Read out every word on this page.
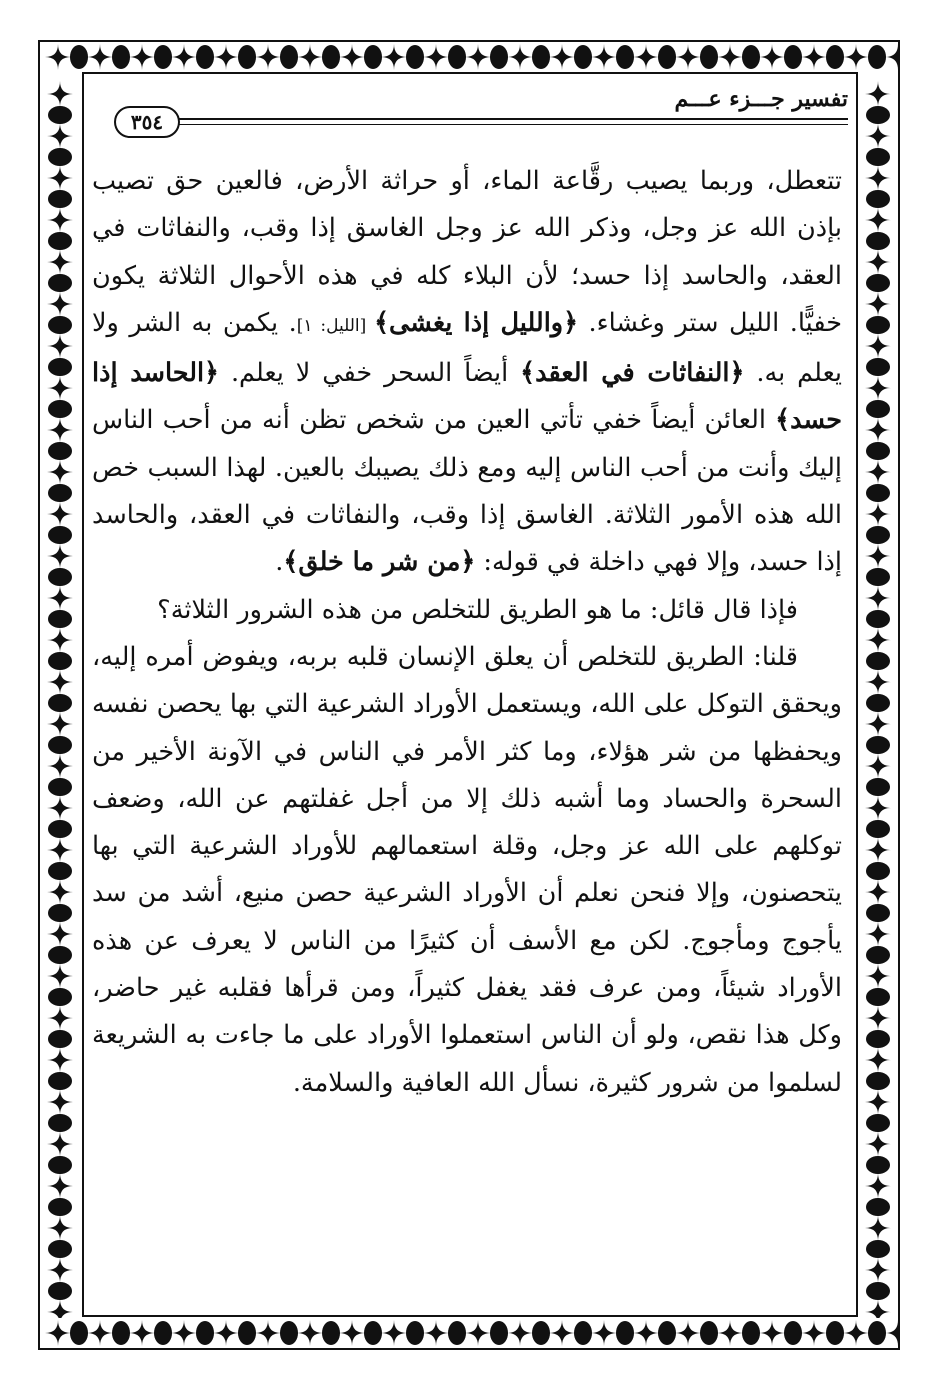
تفسير جـــزء عـــم
٣٥٤

تتعطل، وربما يصيب رقَّاعة الماء، أو حراثة الأرض، فالعين حق تصيب بإذن الله عز وجل، وذكر الله عز وجل الغاسق إذا وقب، والنفاثات في العقد، والحاسد إذا حسد؛ لأن البلاء كله في هذه الأحوال الثلاثة يكون خفيًّا. الليل ستر وغشاء. ﴿والليل إذا يغشى﴾ [الليل: ١]. يكمن به الشر ولا يعلم به. ﴿النفاثات في العقد﴾ أيضاً السحر خفي لا يعلم. ﴿الحاسد إذا حسد﴾ العائن أيضاً خفي تأتي العين من شخص تظن أنه من أحب الناس إليك وأنت من أحب الناس إليه ومع ذلك يصيبك بالعين. لهذا السبب خص الله هذه الأمور الثلاثة. الغاسق إذا وقب، والنفاثات في العقد، والحاسد إذا حسد، وإلا فهي داخلة في قوله: ﴿من شر ما خلق﴾.

فإذا قال قائل: ما هو الطريق للتخلص من هذه الشرور الثلاثة؟

قلنا: الطريق للتخلص أن يعلق الإنسان قلبه بربه، ويفوض أمره إليه، ويحقق التوكل على الله، ويستعمل الأوراد الشرعية التي بها يحصن نفسه ويحفظها من شر هؤلاء، وما كثر الأمر في الناس في الآونة الأخير من السحرة والحساد وما أشبه ذلك إلا من أجل غفلتهم عن الله، وضعف توكلهم على الله عز وجل، وقلة استعمالهم للأوراد الشرعية التي بها يتحصنون، وإلا فنحن نعلم أن الأوراد الشرعية حصن منيع، أشد من سد يأجوج ومأجوج. لكن مع الأسف أن كثيرًا من الناس لا يعرف عن هذه الأوراد شيئاً، ومن عرف فقد يغفل كثيراً، ومن قرأها فقلبه غير حاضر، وكل هذا نقص، ولو أن الناس استعملوا الأوراد على ما جاءت به الشريعة لسلموا من شرور كثيرة، نسأل الله العافية والسلامة.
